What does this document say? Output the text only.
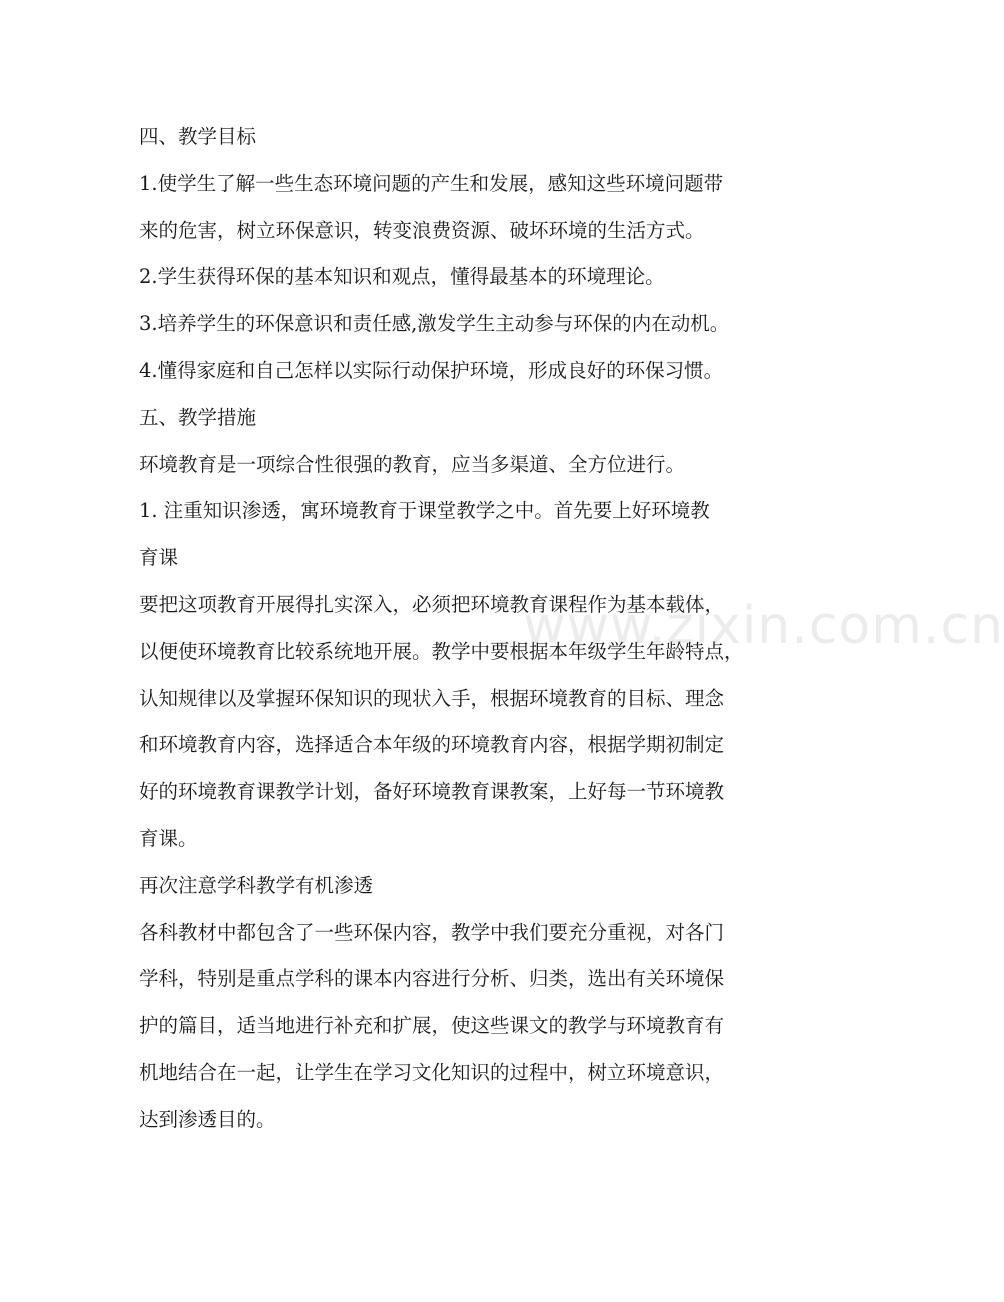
四、教学目标
1.使学生了解一些生态环境问题的产生和发展，感知这些环境问题带
来的危害，树立环保意识，转变浪费资源、破坏环境的生活方式。
2.学生获得环保的基本知识和观点，懂得最基本的环境理论。
3.培养学生的环保意识和责任感,激发学生主动参与环保的内在动机。
4.懂得家庭和自己怎样以实际行动保护环境，形成良好的环保习惯。
五、教学措施
环境教育是一项综合性很强的教育，应当多渠道、全方位进行。
1. 注重知识渗透，寓环境教育于课堂教学之中。首先要上好环境教
育课
要把这项教育开展得扎实深入，必须把环境教育课程作为基本载体，
以便使环境教育比较系统地开展。教学中要根据本年级学生年龄特点，
认知规律以及掌握环保知识的现状入手，根据环境教育的目标、理念
和环境教育内容，选择适合本年级的环境教育内容，根据学期初制定
好的环境教育课教学计划，备好环境教育课教案，上好每一节环境教
育课。
再次注意学科教学有机渗透
各科教材中都包含了一些环保内容，教学中我们要充分重视，对各门
学科，特别是重点学科的课本内容进行分析、归类，选出有关环境保
护的篇目，适当地进行补充和扩展，使这些课文的教学与环境教育有
机地结合在一起，让学生在学习文化知识的过程中，树立环境意识，
达到渗透目的。
www.zixin.com.cn
